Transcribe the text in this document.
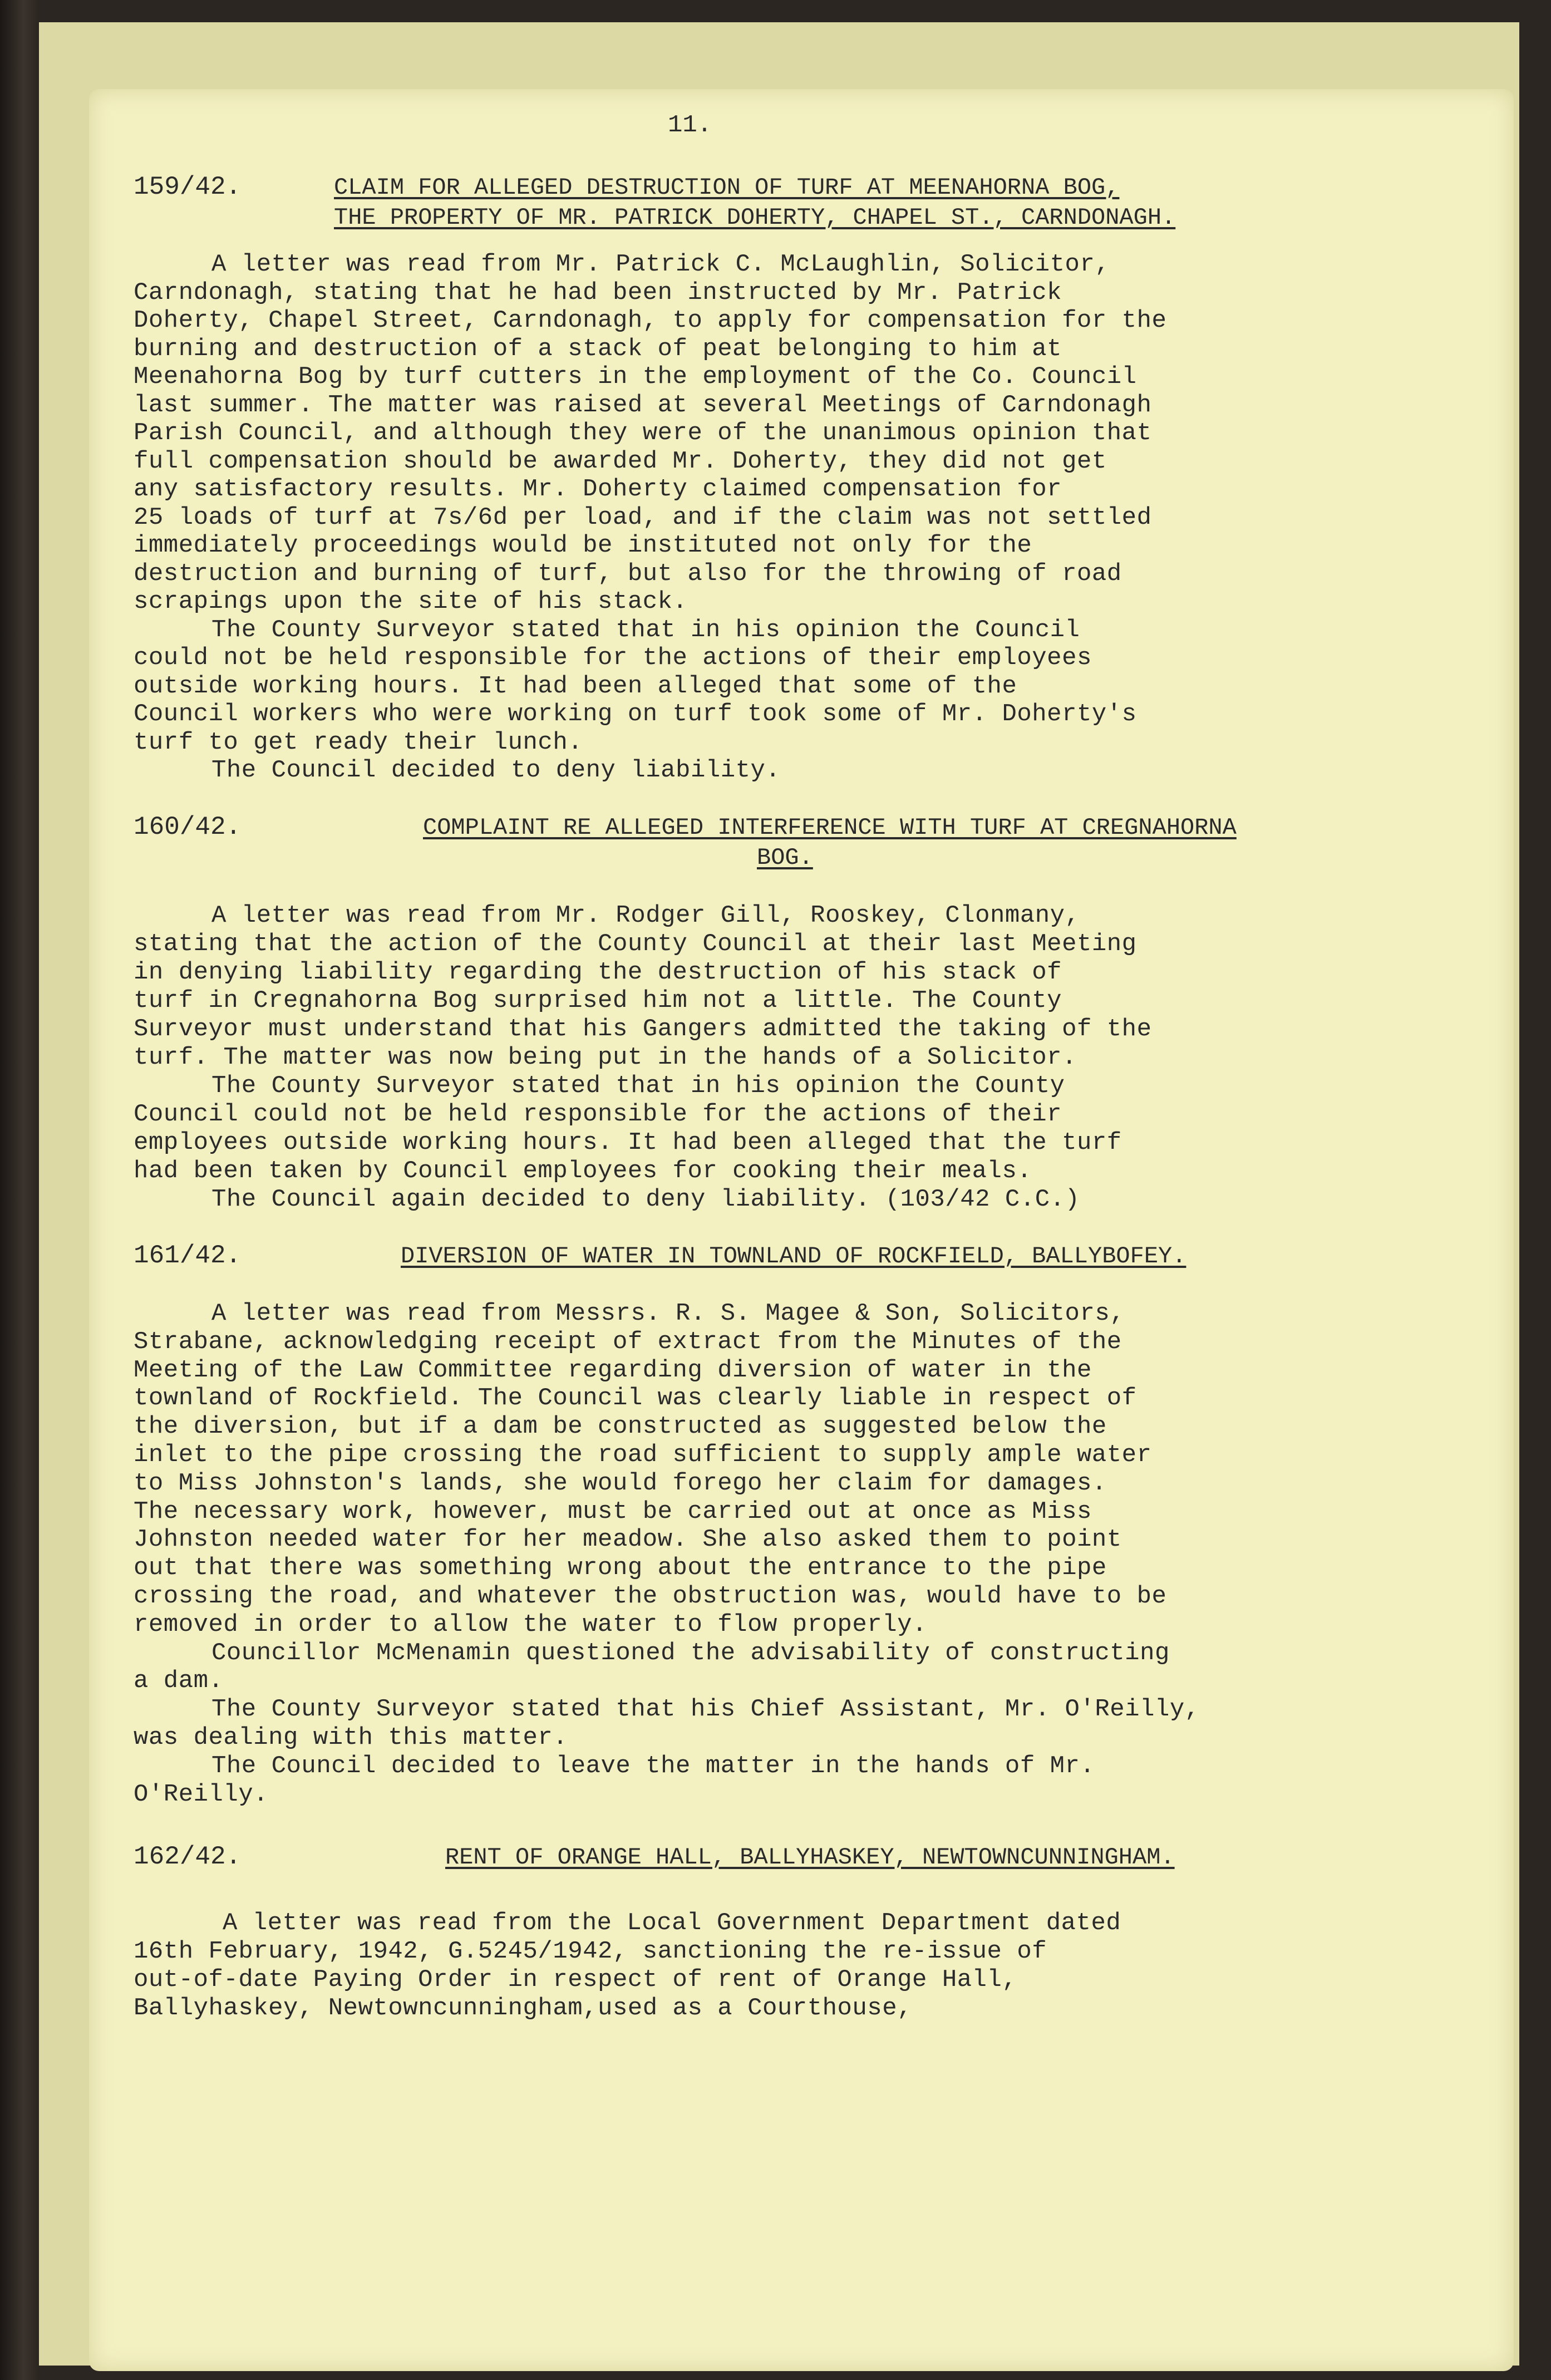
11.
159/42.	CLAIM FOR ALLEGED DESTRUCTION OF TURF AT MEENAHORNA BOG,
THE PROPERTY OF MR. PATRICK DOHERTY, CHAPEL ST., CARNDONAGH.
A letter was read from Mr. Patrick C. McLaughlin, Solicitor,
Carndonagh, stating that he had been instructed by Mr. Patrick
Doherty, Chapel Street, Carndonagh, to apply for compensation for the
burning and destruction of a stack of peat belonging to him at
Meenahorna Bog by turf cutters in the employment of the Co. Council
last summer. The matter was raised at several Meetings of Carndonagh
Parish Council, and although they were of the unanimous opinion that
full compensation should be awarded Mr. Doherty, they did not get
any satisfactory results. Mr. Doherty claimed compensation for
25 loads of turf at 7s/6d per load, and if the claim was not settled
immediately proceedings would be instituted not only for the
destruction and burning of turf, but also for the throwing of road
scrapings upon the site of his stack.
The County Surveyor stated that in his opinion the Council
could not be held responsible for the actions of their employees
outside working hours. It had been alleged that some of the
Council workers who were working on turf took some of Mr. Doherty's
turf to get ready their lunch.
The Council decided to deny liability.
160/42.	COMPLAINT RE ALLEGED INTERFERENCE WITH TURF AT CREGNAHORNA
BOG.
A letter was read from Mr. Rodger Gill, Rooskey, Clonmany,
stating that the action of the County Council at their last Meeting
in denying liability regarding the destruction of his stack of
turf in Cregnahorna Bog surprised him not a little. The County
Surveyor must understand that his Gangers admitted the taking of the
turf. The matter was now being put in the hands of a Solicitor.
The County Surveyor stated that in his opinion the County
Council could not be held responsible for the actions of their
employees outside working hours. It had been alleged that the turf
had been taken by Council employees for cooking their meals.
The Council again decided to deny liability. (103/42 C.C.)
161/42.	DIVERSION OF WATER IN TOWNLAND OF ROCKFIELD, BALLYBOFEY.
A letter was read from Messrs. R. S. Magee & Son, Solicitors,
Strabane, acknowledging receipt of extract from the Minutes of the
Meeting of the Law Committee regarding diversion of water in the
townland of Rockfield. The Council was clearly liable in respect of
the diversion, but if a dam be constructed as suggested below the
inlet to the pipe crossing the road sufficient to supply ample water
to Miss Johnston's lands, she would forego her claim for damages.
The necessary work, however, must be carried out at once as Miss
Johnston needed water for her meadow. She also asked them to point
out that there was something wrong about the entrance to the pipe
crossing the road, and whatever the obstruction was, would have to be
removed in order to allow the water to flow properly.
Councillor McMenamin questioned the advisability of constructing
a dam.
The County Surveyor stated that his Chief Assistant, Mr. O'Reilly,
was dealing with this matter.
The Council decided to leave the matter in the hands of Mr.
O'Reilly.
162/42.	RENT OF ORANGE HALL, BALLYHASKEY, NEWTOWNCUNNINGHAM.
A letter was read from the Local Government Department dated
16th February, 1942, G.5245/1942, sanctioning the re-issue of
out-of-date Paying Order in respect of rent of Orange Hall,
Ballyhaskey, Newtowncunningham,used as a Courthouse,
